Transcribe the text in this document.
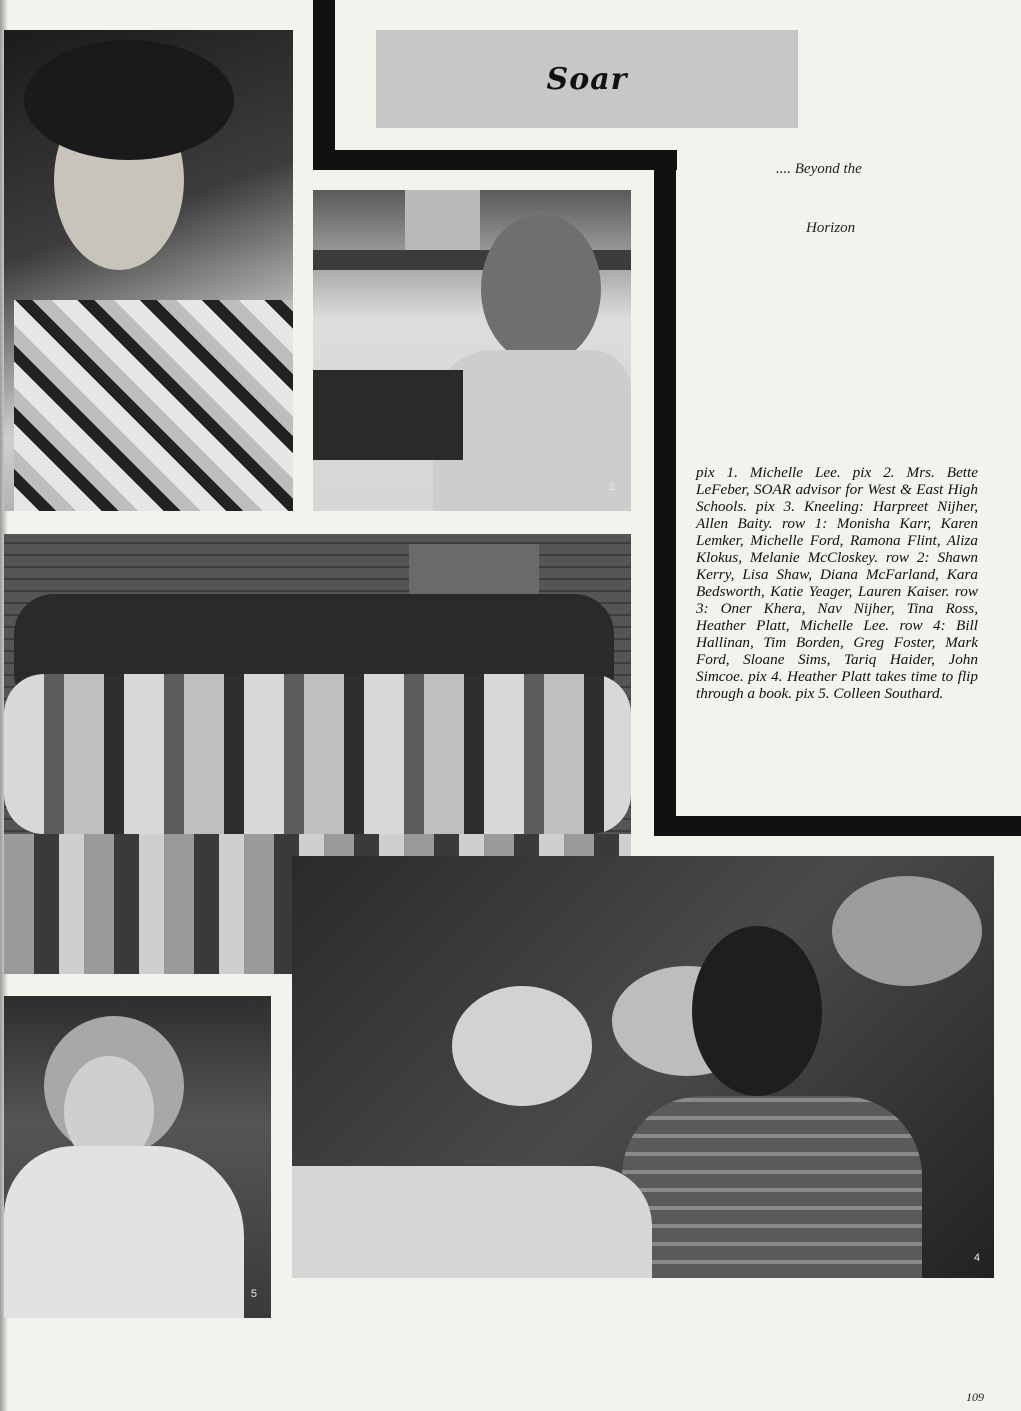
Soar
.... Beyond the
Horizon
2
pix 1. Michelle Lee. pix 2. Mrs. Bette LeFeber, SOAR advisor for West & East High Schools. pix 3. Kneeling: Harpreet Nijher, Allen Baity. row 1: Monisha Karr, Karen Lemker, Michelle Ford, Ramona Flint, Aliza Klokus, Melanie McCloskey. row 2: Shawn Kerry, Lisa Shaw, Diana McFarland, Kara Bedsworth, Katie Yeager, Lauren Kaiser. row 3: Oner Khera, Nav Nijher, Tina Ross, Heather Platt, Michelle Lee. row 4: Bill Hallinan, Tim Borden, Greg Foster, Mark Ford, Sloane Sims, Tariq Haider, John Simcoe. pix 4. Heather Platt takes time to flip through a book. pix 5. Colleen Southard.
4
5
109
